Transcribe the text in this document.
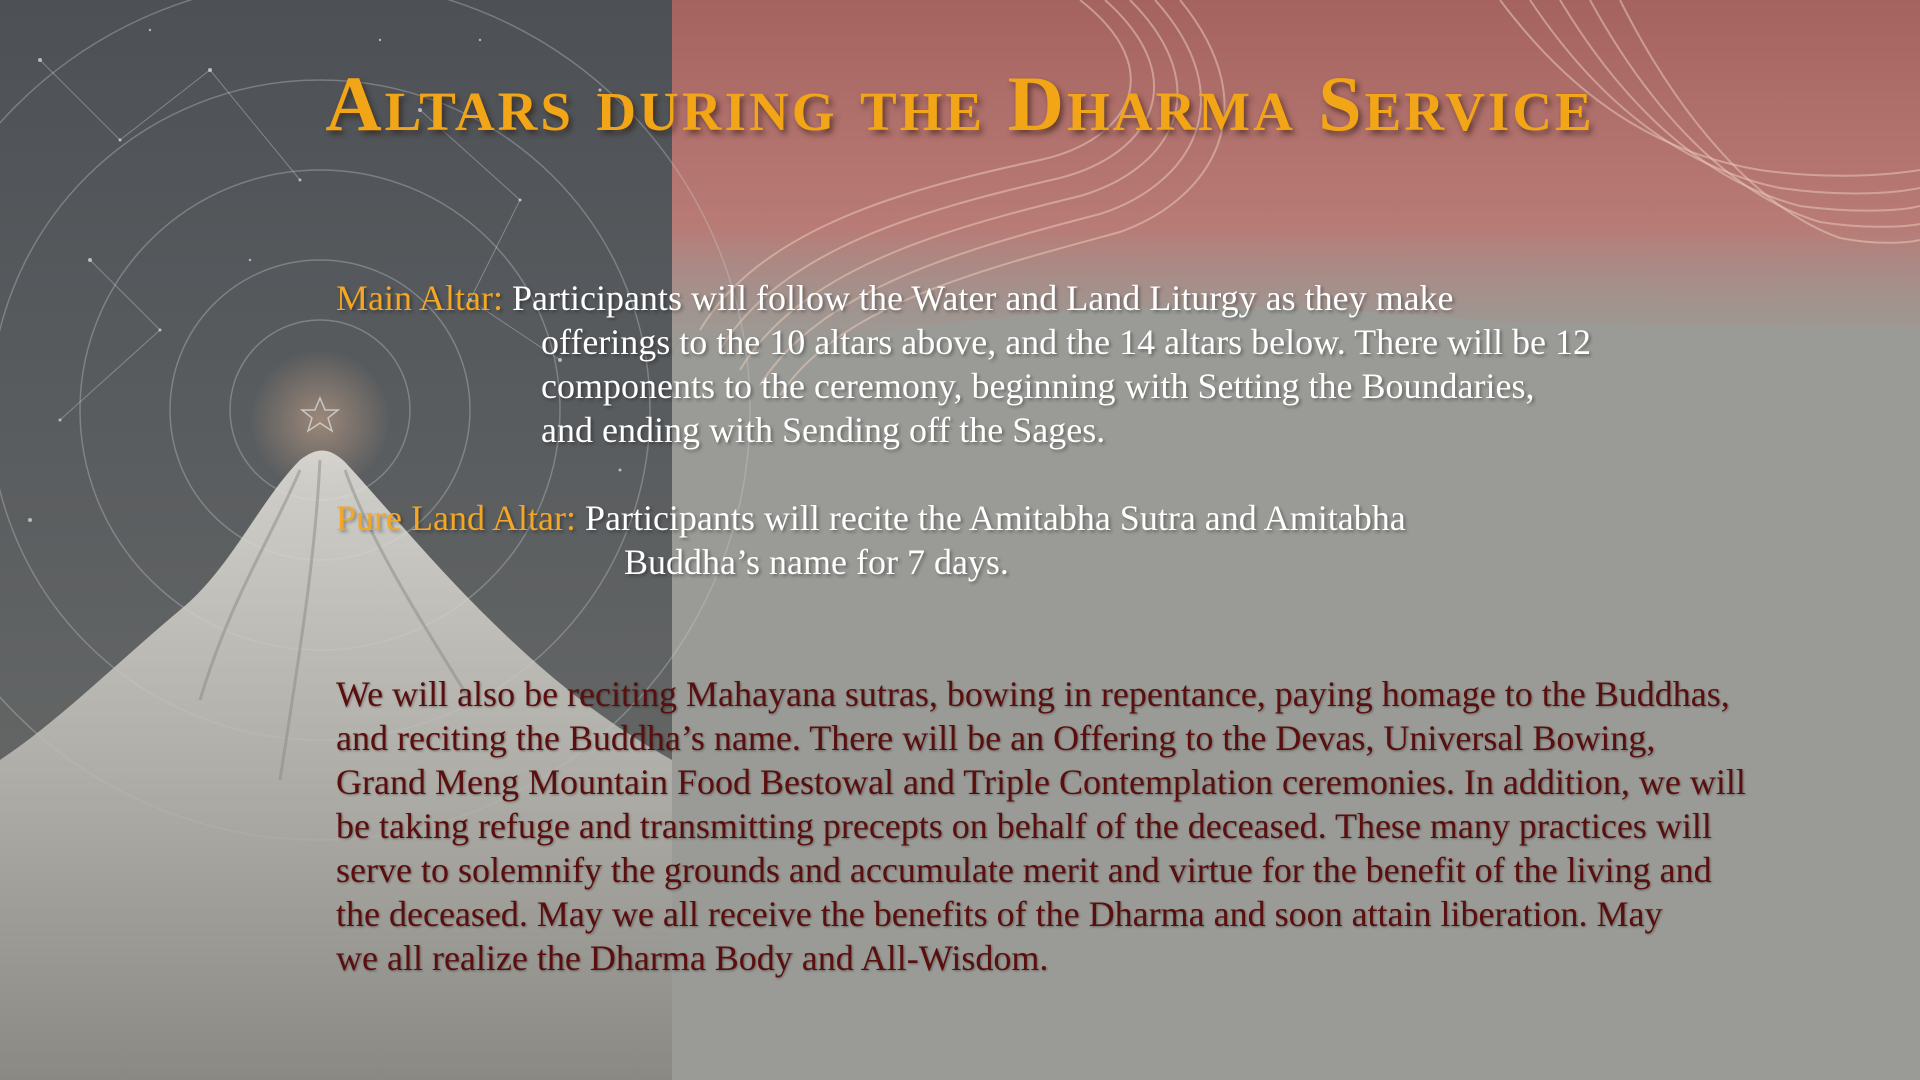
Altars during the Dharma Service
Main Altar: Participants will follow the Water and Land Liturgy as they make
offerings to the 10 altars above, and the 14 altars below. There will be 12
components to the ceremony, beginning with Setting the Boundaries,
and ending with Sending off the Sages.
Pure Land Altar: Participants will recite the Amitabha Sutra and Amitabha
Buddha’s name for 7 days.
We will also be reciting Mahayana sutras, bowing in repentance, paying homage to the Buddhas,
and reciting the Buddha’s name. There will be an Offering to the Devas, Universal Bowing,
Grand Meng Mountain Food Bestowal and Triple Contemplation ceremonies. In addition, we will
be taking refuge and transmitting precepts on behalf of the deceased. These many practices will
serve to solemnify the grounds and accumulate merit and virtue for the benefit of the living and
the deceased. May we all receive the benefits of the Dharma and soon attain liberation. May
we all realize the Dharma Body and All-Wisdom.
